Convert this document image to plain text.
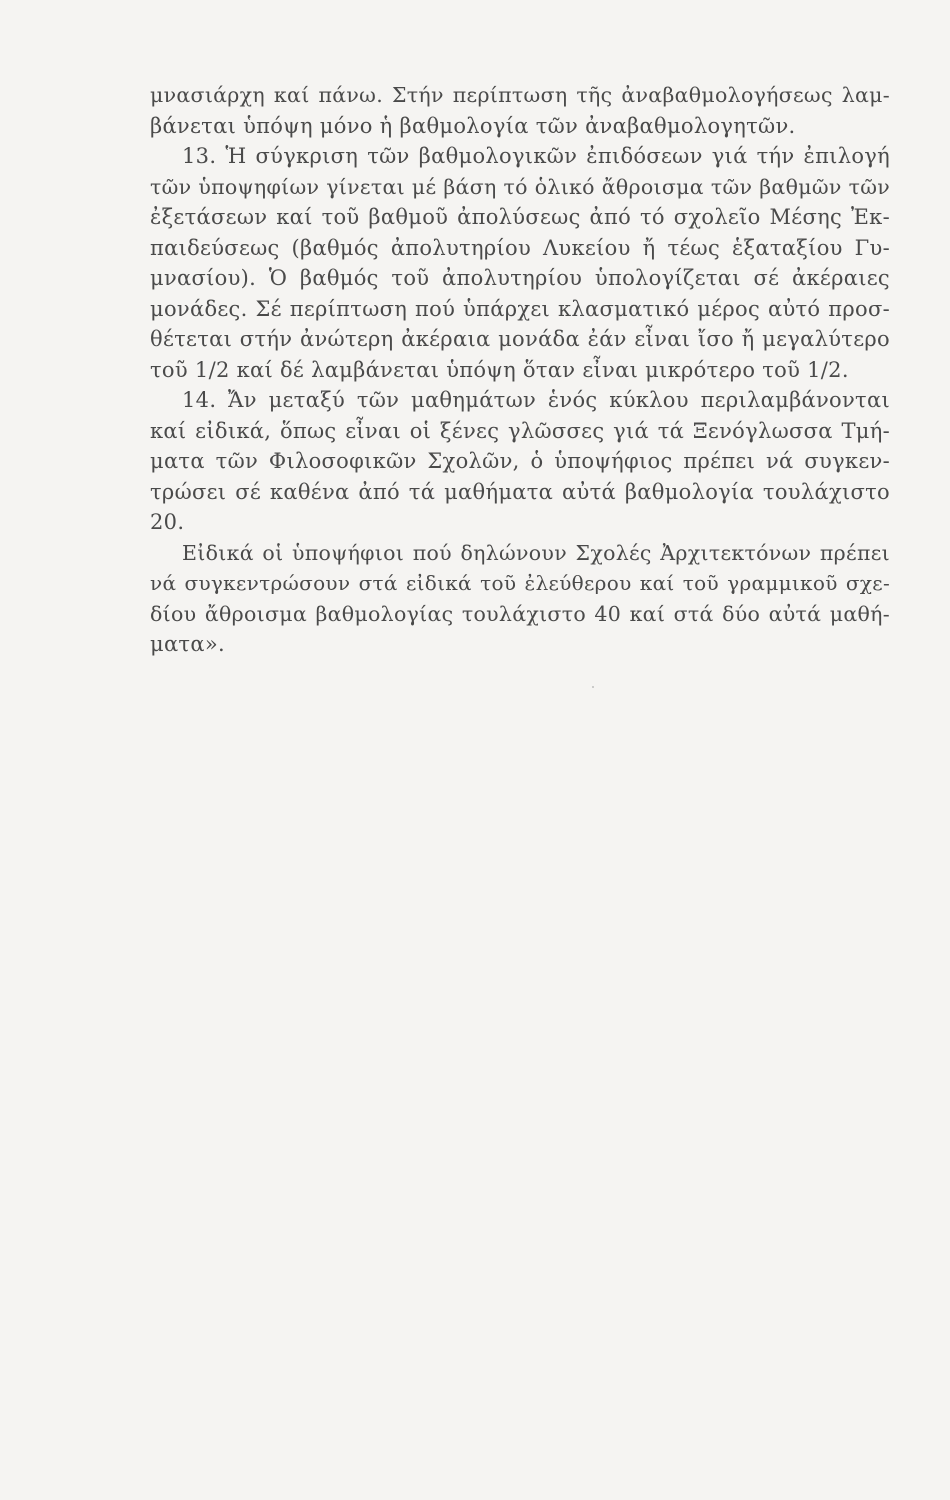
μνασιάρχη καί πάνω. Στήν περίπτωση τῆς ἀναβαθμολογήσεως λαμ-
βάνεται ὑπόψη μόνο ἡ βαθμολογία τῶν ἀναβαθμολογητῶν.
13. Ἡ σύγκριση τῶν βαθμολογικῶν ἐπιδόσεων γιά τήν ἐπιλογή
τῶν ὑποψηφίων γίνεται μέ βάση τό ὁλικό ἄθροισμα τῶν βαθμῶν τῶν
ἐξετάσεων καί τοῦ βαθμοῦ ἀπολύσεως ἀπό τό σχολεῖο Μέσης Ἐκ-
παιδεύσεως (βαθμός ἀπολυτηρίου Λυκείου ἤ τέως ἑξαταξίου Γυ-
μνασίου). Ὁ βαθμός τοῦ ἀπολυτηρίου ὑπολογίζεται σέ ἀκέραιες
μονάδες. Σέ περίπτωση πού ὑπάρχει κλασματικό μέρος αὐτό προσ-
θέτεται στήν ἀνώτερη ἀκέραια μονάδα ἐάν εἶναι ἴσο ἤ μεγαλύτερο
τοῦ 1/2 καί δέ λαμβάνεται ὑπόψη ὅταν εἶναι μικρότερο τοῦ 1/2.
14. Ἄν μεταξύ τῶν μαθημάτων ἑνός κύκλου περιλαμβάνονται
καί εἰδικά, ὅπως εἶναι οἱ ξένες γλῶσσες γιά τά Ξενόγλωσσα Τμή-
ματα τῶν Φιλοσοφικῶν Σχολῶν, ὁ ὑποψήφιος πρέπει νά συγκεν-
τρώσει σέ καθένα ἀπό τά μαθήματα αὐτά βαθμολογία τουλάχιστο
20.
Εἰδικά οἱ ὑποψήφιοι πού δηλώνουν Σχολές Ἀρχιτεκτόνων πρέπει
νά συγκεντρώσουν στά εἰδικά τοῦ ἐλεύθερου καί τοῦ γραμμικοῦ σχε-
δίου ἄθροισμα βαθμολογίας τουλάχιστο 40 καί στά δύο αὐτά μαθή-
ματα».
